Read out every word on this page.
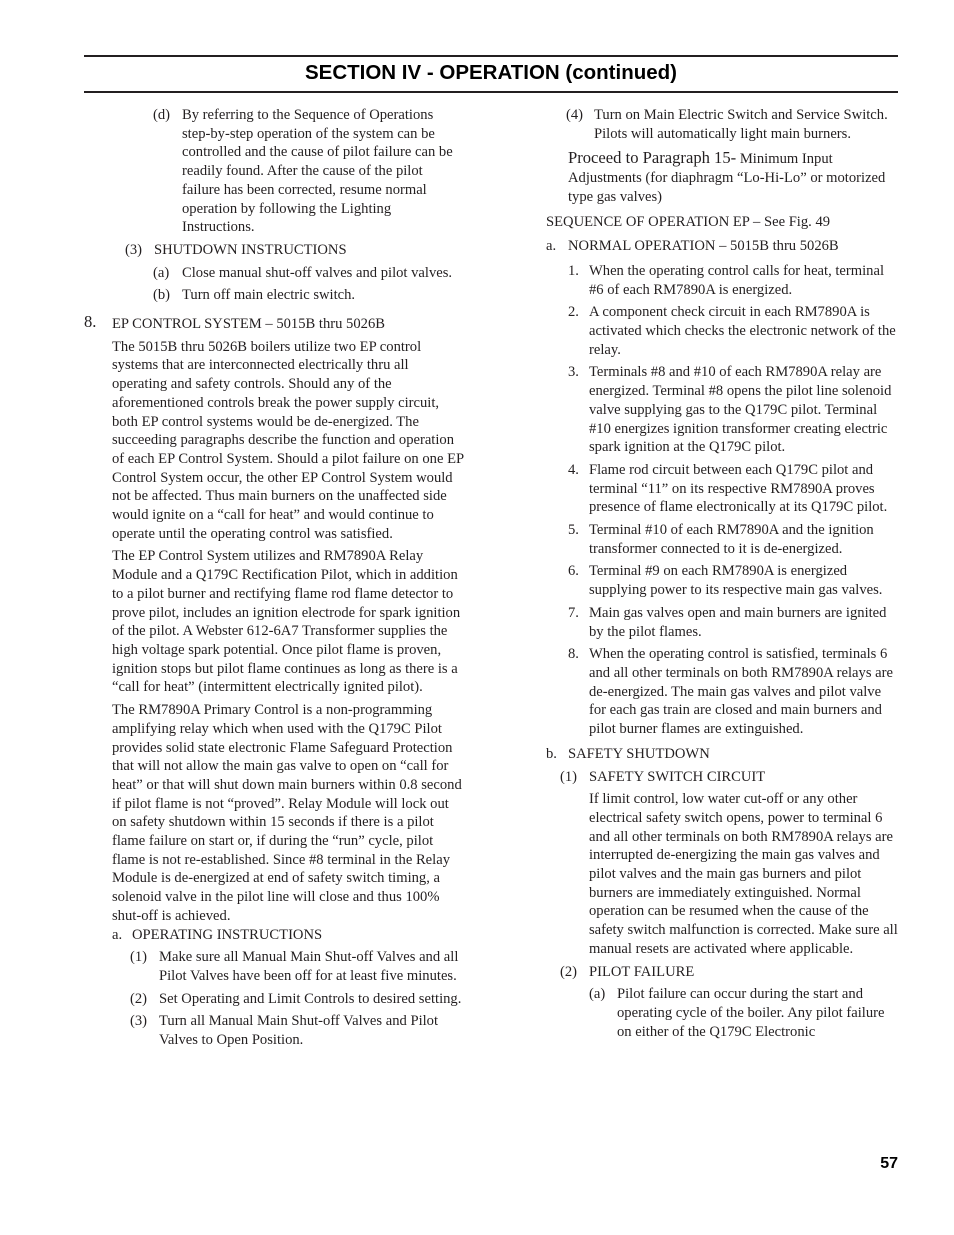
SECTION IV - OPERATION (continued)
(d) By referring to the Sequence of Operations step-by-step operation of the system can be controlled and the cause of pilot failure can be readily found. After the cause of the pilot failure has been corrected, resume normal operation by following the Lighting Instructions.
(3) SHUTDOWN INSTRUCTIONS
(a) Close manual shut-off valves and pilot valves.
(b) Turn off main electric switch.
8. EP CONTROL SYSTEM – 5015B thru 5026B
The 5015B thru 5026B boilers utilize two EP control systems that are interconnected electrically thru all operating and safety controls. Should any of the aforementioned controls break the power supply circuit, both EP control systems would be de-energized. The succeeding paragraphs describe the function and operation of each EP Control System. Should a pilot failure on one EP Control System occur, the other EP Control System would not be affected. Thus main burners on the unaffected side would ignite on a “call for heat” and would continue to operate until the operating control was satisfied.
The EP Control System utilizes and RM7890A Relay Module and a Q179C Rectification Pilot, which in addition to a pilot burner and rectifying flame rod flame detector to prove pilot, includes an ignition electrode for spark ignition of the pilot. A Webster 612-6A7 Transformer supplies the high voltage spark potential. Once pilot flame is proven, ignition stops but pilot flame continues as long as there is a “call for heat” (intermittent electrically ignited pilot).
The RM7890A Primary Control is a non-programming amplifying relay which when used with the Q179C Pilot provides solid state electronic Flame Safeguard Protection that will not allow the main gas valve to open on “call for heat” or that will shut down main burners within 0.8 second if pilot flame is not “proved”. Relay Module will lock out on safety shutdown within 15 seconds if there is a pilot flame failure on start or, if during the “run” cycle, pilot flame is not re-established. Since #8 terminal in the Relay Module is de-energized at end of safety switch timing, a solenoid valve in the pilot line will close and thus 100% shut-off is achieved.
a. OPERATING INSTRUCTIONS
(1) Make sure all Manual Main Shut-off Valves and all Pilot Valves have been off for at least five minutes.
(2) Set Operating and Limit Controls to desired setting.
(3) Turn all Manual Main Shut-off Valves and Pilot Valves to Open Position.
(4) Turn on Main Electric Switch and Service Switch. Pilots will automatically light main burners.
Proceed to Paragraph 15- Minimum Input Adjustments (for diaphragm “Lo-Hi-Lo” or motorized type gas valves)
SEQUENCE OF OPERATION EP – See Fig. 49
a. NORMAL OPERATION – 5015B thru 5026B
1. When the operating control calls for heat, terminal #6 of each RM7890A is energized.
2. A component check circuit in each RM7890A is activated which checks the electronic network of the relay.
3. Terminals #8 and #10 of each RM7890A relay are energized. Terminal #8 opens the pilot line solenoid valve supplying gas to the Q179C pilot. Terminal #10 energizes ignition transformer creating electric spark ignition at the Q179C pilot.
4. Flame rod circuit between each Q179C pilot and terminal “11” on its respective RM7890A proves presence of flame electronically at its Q179C pilot.
5. Terminal #10 of each RM7890A and the ignition transformer connected to it is de-energized.
6. Terminal #9 on each RM7890A is energized supplying power to its respective main gas valves.
7. Main gas valves open and main burners are ignited by the pilot flames.
8. When the operating control is satisfied, terminals 6 and all other terminals on both RM7890A relays are de-energized. The main gas valves and pilot valve for each gas train are closed and main burners and pilot burner flames are extinguished.
b. SAFETY SHUTDOWN
(1) SAFETY SWITCH CIRCUIT
If limit control, low water cut-off or any other electrical safety switch opens, power to terminal 6 and all other terminals on both RM7890A relays are interrupted de-energizing the main gas valves and pilot valves and the main gas burners and pilot burners are immediately extinguished. Normal operation can be resumed when the cause of the safety switch malfunction is corrected. Make sure all manual resets are activated where applicable.
(2) PILOT FAILURE
(a) Pilot failure can occur during the start and operating cycle of the boiler. Any pilot failure on either of the Q179C Electronic
57
